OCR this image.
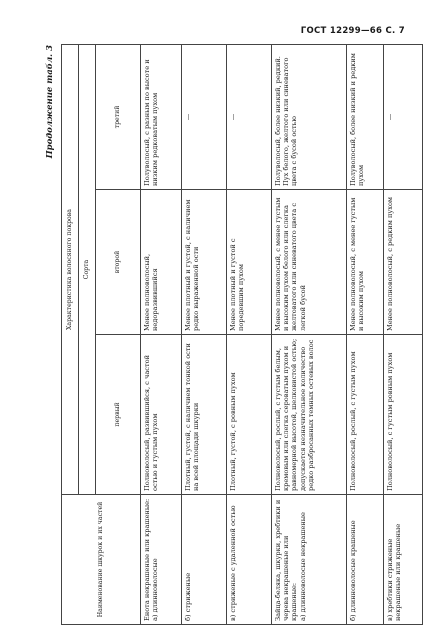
ГОСТ 12299—66 С. 7
Продолжение табл. 3
Наименование шкурок и их частей	Характеристика волосяного покрова		
	Сорта		
	первый	второй	третий
Енота некрашеные или крашеные:
а) длинноволосые	Полноволосый, развившийся, с частой остью и густым пухом	Менее полноволосый, недоразвившийся	Полуволосый, с разным по высоте и низким редковатым пухом
б) стриженые	Плотный, густой, с наличием тонкой ости на всей площади шкурки	Менее плотный и густой, с наличием редко выраженной ости	—
в) стриженые с удаленной остью	Плотный, густой, с ровным пухом	Менее плотный и густой с поредевшим пухом	—
Зайца-беляка, шкурки, хребтики и черева некрашеные или крашеные:
а) длинноволосые некрашеные	Полноволосый, рослый, с густым белым, кремовым или слегка сероватым пухом и равномерной высотой, шелковистой остью; допускается незначительное количество редко разбросанных темных остевых волос	Менее полноволосый, с менее густым и высоким пухом белого или слегка желтоватого или синеватого цвета с легкой бусой	Полуволосый, более низкий, редкий. Пух белого, желтого или синеватого цвета с бусой остью
б) длинноволосые крашеные	Полноволосый, рослый, с густым пухом	Менее полноволосый, с менее густым и высоким пухом	Полуволосый, более низкий и редким пухом
в) хребтики стриженые некрашеные или крашеные	Полноволосый, с густым ровным пухом	Менее полноволосый, с редким пухом	—
